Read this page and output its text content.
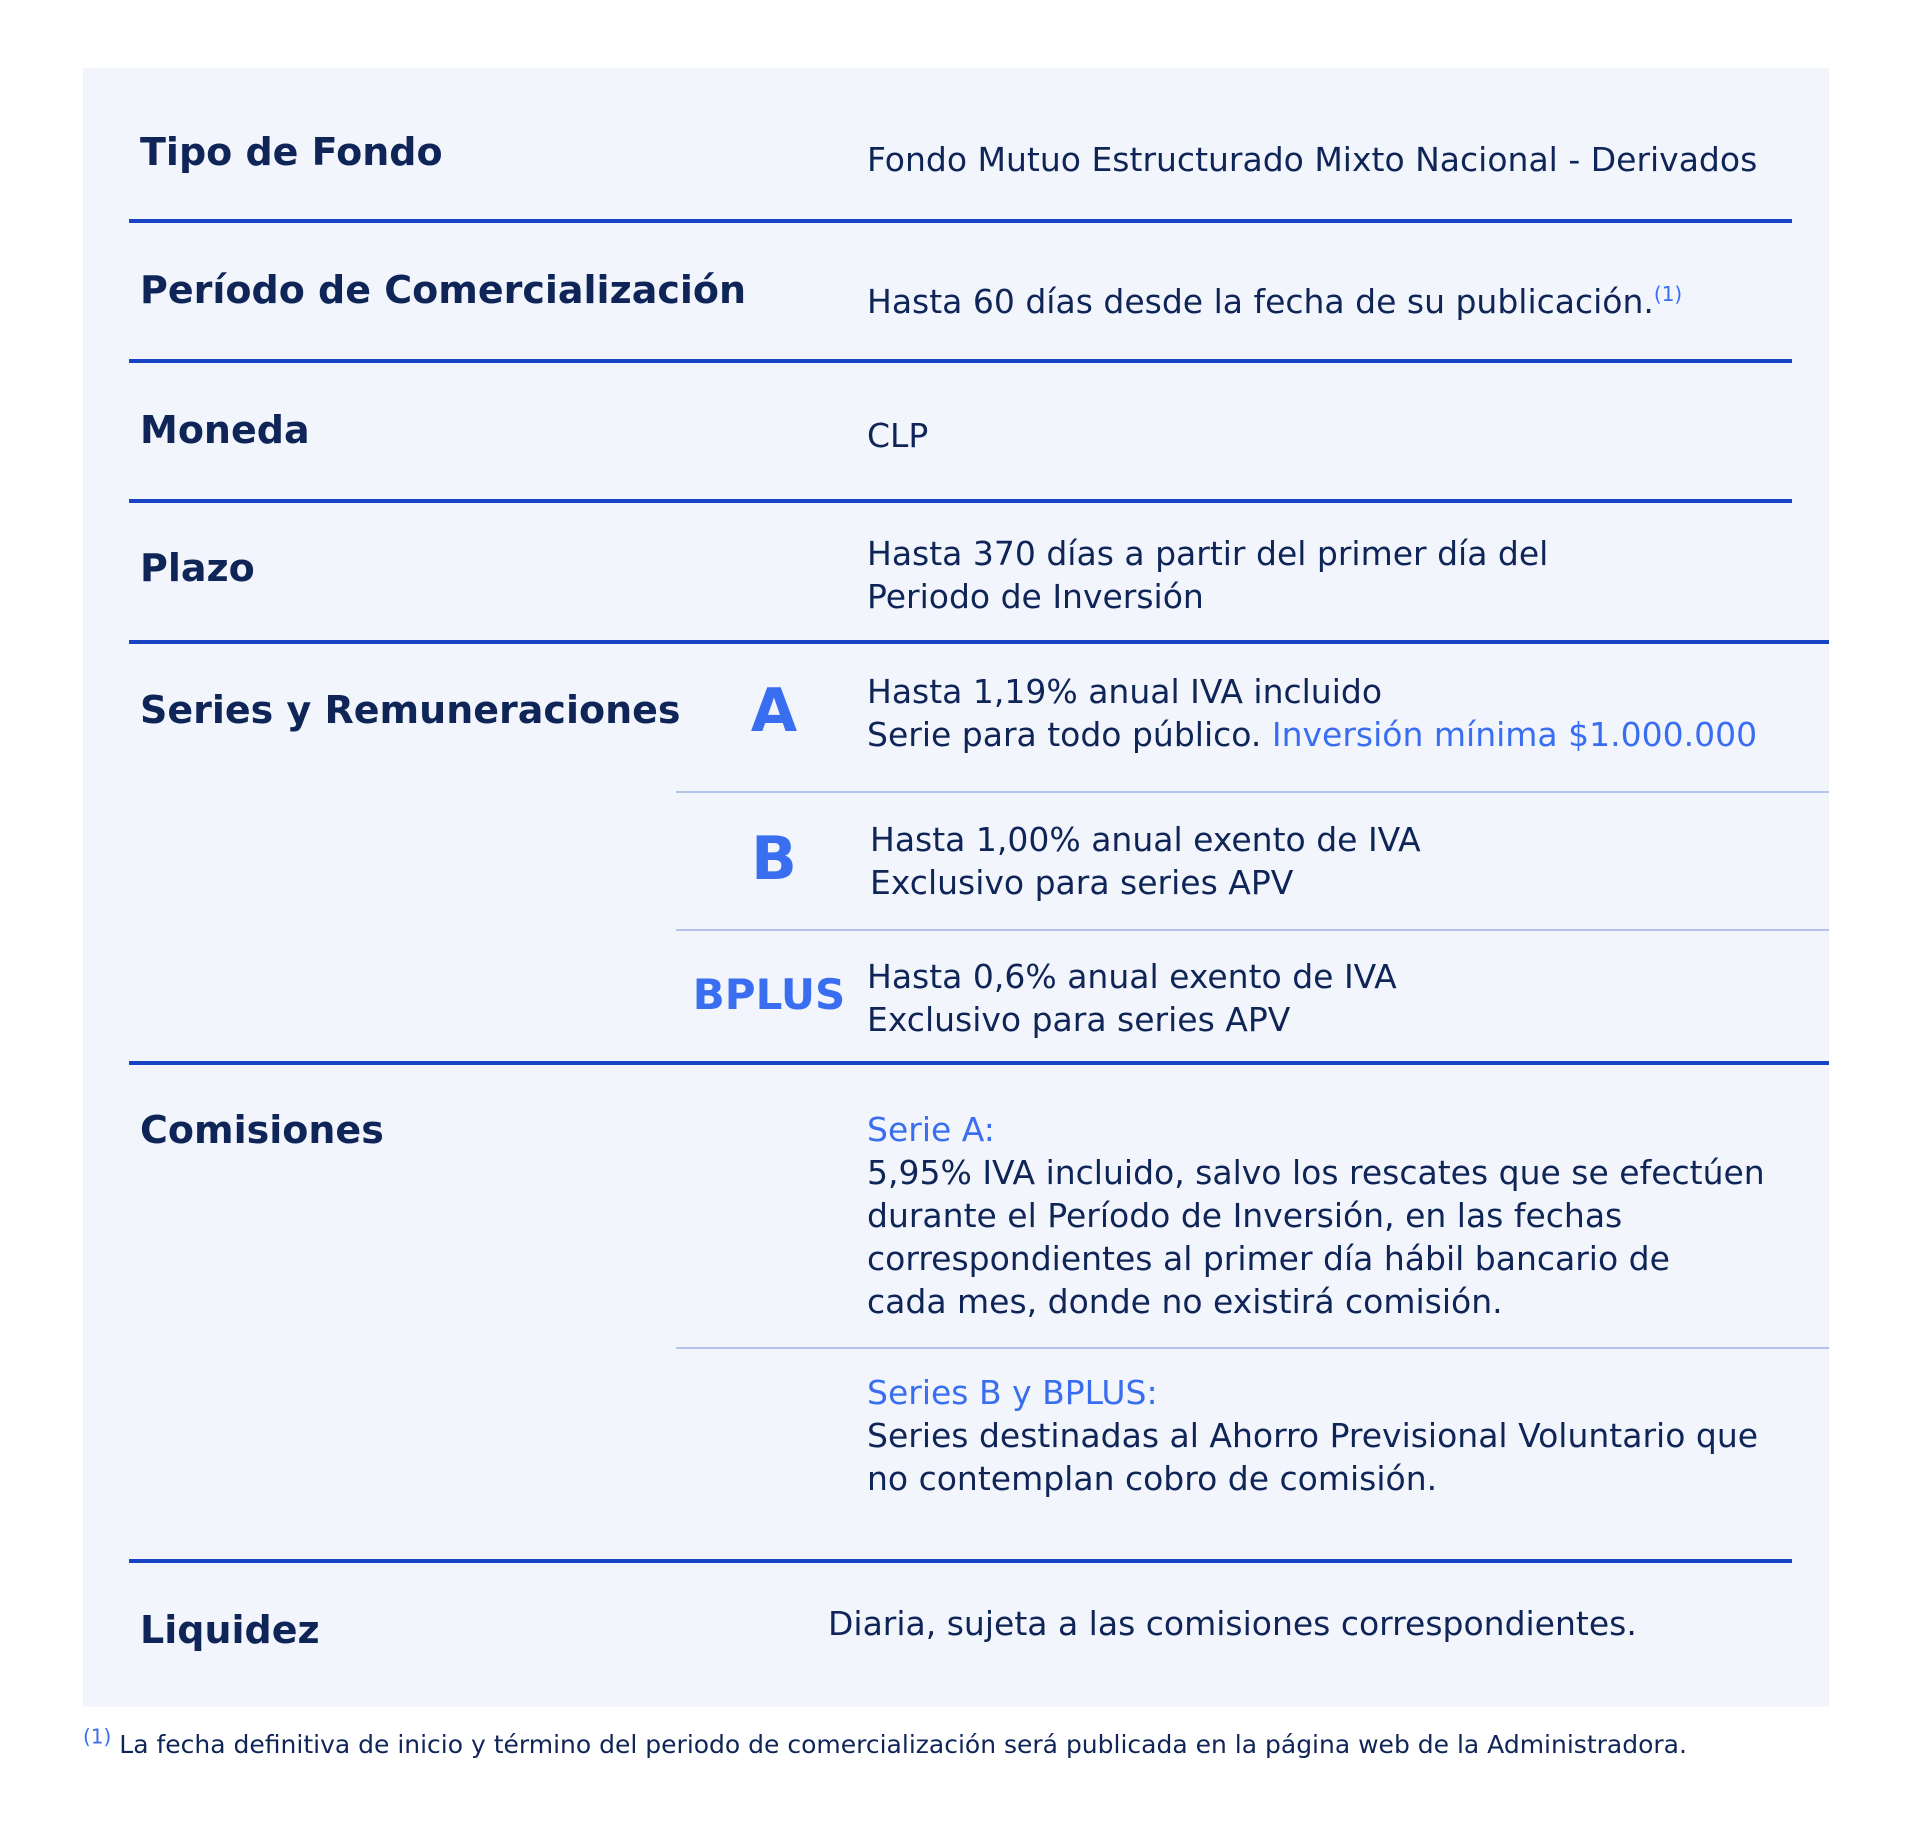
Tipo de Fondo	Fondo Mutuo Estructurado Mixto Nacional - Derivados
Período de Comercialización	Hasta 60 días desde la fecha de su publicación.$^{(1)}$
Moneda	CLP
Plazo	Hasta 370 días a partir del primer día del
Periodo de Inversión
Series y Remuneraciones	A	Hasta 1,19% anual IVA incluido
Serie para todo público. Inversión mínima $1.000.000
B	Hasta 1,00% anual exento de IVA
Exclusivo para series APV
BPLUS Hasta 0,6% anual exento de IVA
Exclusivo para series APV
Comisiones	Serie A:
5,95% IVA incluido, salvo los rescates que se efectúen
durante el Período de Inversión, en las fechas
correspondientes al primer día hábil bancario de
cada mes, donde no existirá comisión.
Series B y BPLUS:
Series destinadas al Ahorro Previsional Voluntario que
no contemplan cobro de comisión.
Liquidez	Diaria, sujeta a las comisiones correspondientes.
$^{(1)}$ La fecha definitiva de inicio y término del periodo de comercialización será publicada en la página web de la Administradora.
